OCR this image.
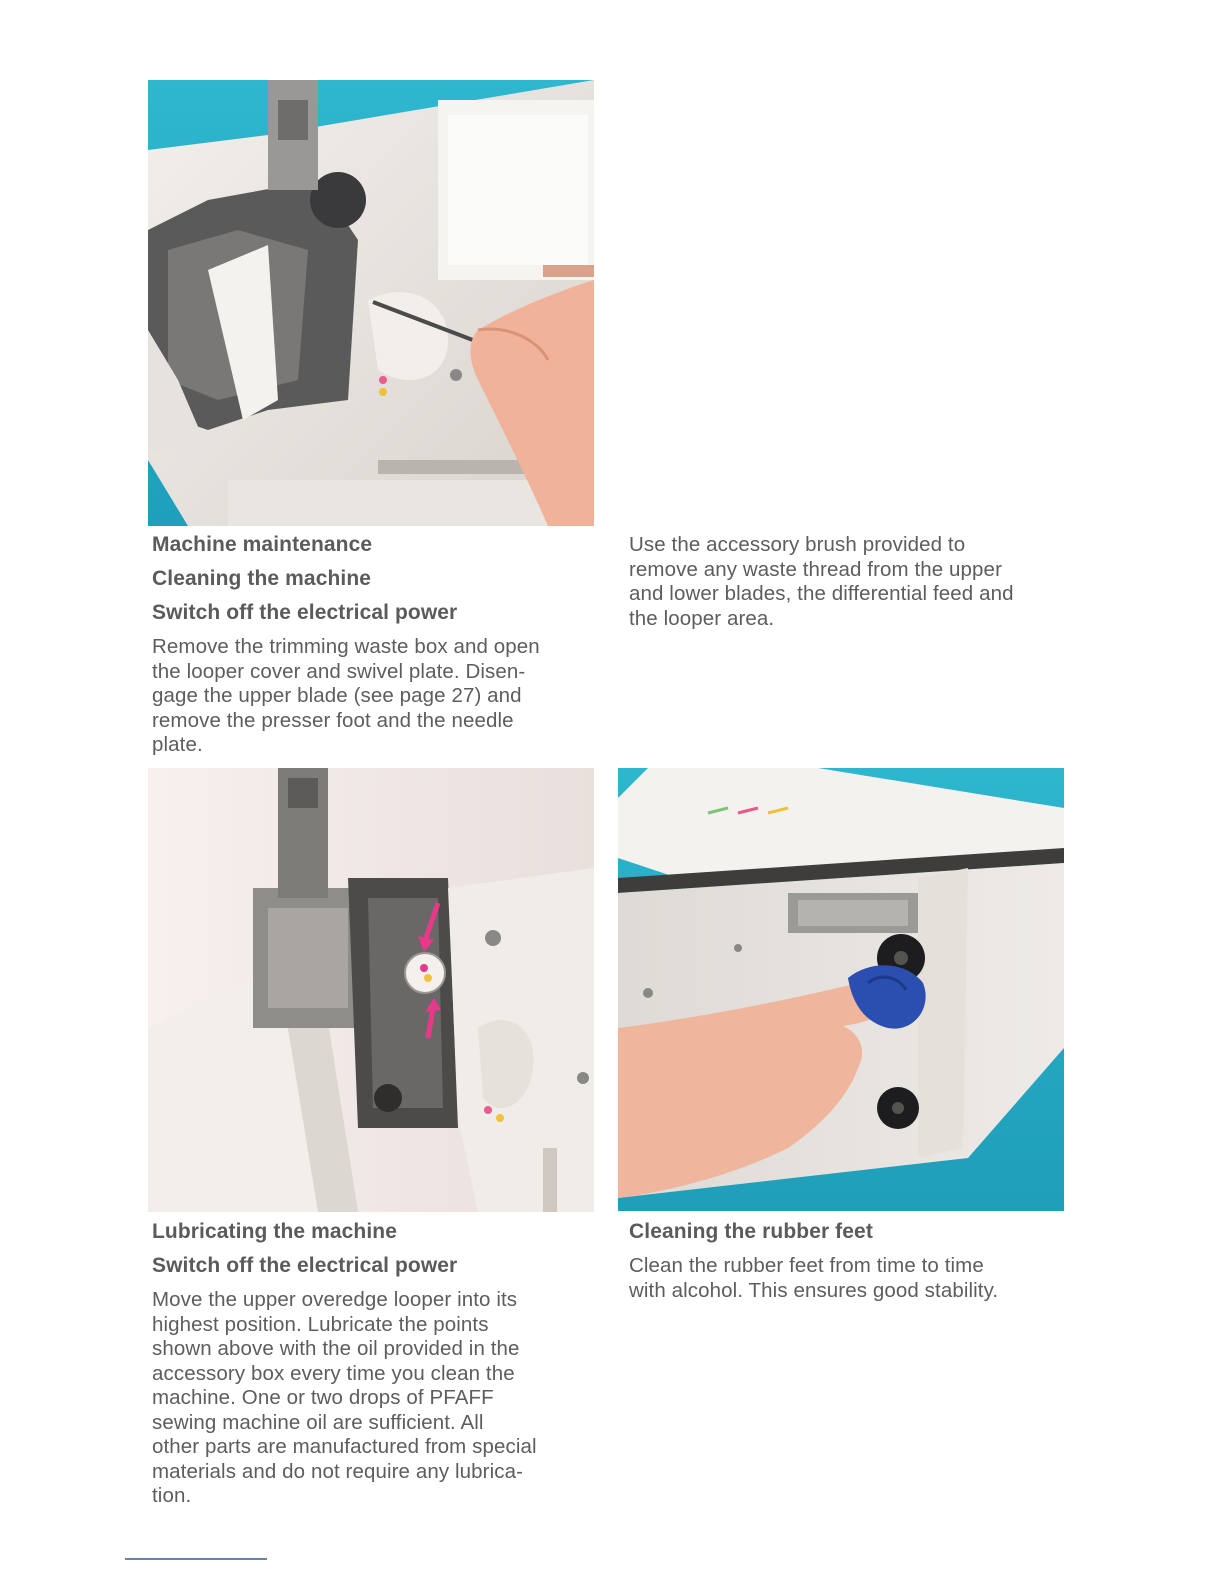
Machine maintenance

Cleaning the machine

Switch off the electrical power

Remove the trimming waste box and open
the looper cover and swivel plate. Disen-
gage the upper blade (see page 27) and
remove the presser foot and the needle
plate.

Use the accessory brush provided to
remove any waste thread from the upper
and lower blades, the differential feed and
the looper area.

Lubricating the machine

Switch off the electrical power

Move the upper overedge looper into its
highest position. Lubricate the points
shown above with the oil provided in the
accessory box every time you clean the
machine. One or two drops of PFAFF
sewing machine oil are sufficient. All
other parts are manufactured from special
materials and do not require any lubrica-
tion.

Cleaning the rubber feet

Clean the rubber feet from time to time
with alcohol. This ensures good stability.
